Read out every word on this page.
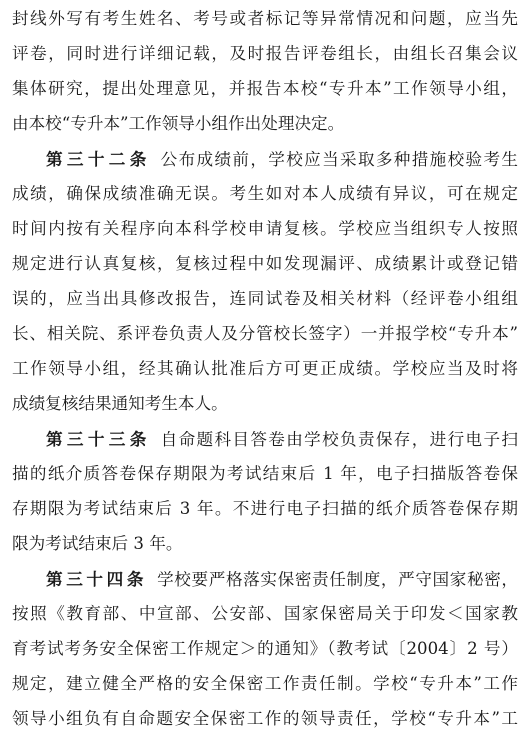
封线外写有考生姓名、考号或者标记等异常情况和问题，应当先
评卷，同时进行详细记载，及时报告评卷组长，由组长召集会议
集体研究，提出处理意见，并报告本校“专升本”工作领导小组，
由本校“专升本”工作领导小组作出处理决定。
第三十二条 公布成绩前，学校应当采取多种措施校验考生
成绩，确保成绩准确无误。考生如对本人成绩有异议，可在规定
时间内按有关程序向本科学校申请复核。学校应当组织专人按照
规定进行认真复核，复核过程中如发现漏评、成绩累计或登记错
误的，应当出具修改报告，连同试卷及相关材料（经评卷小组组
长、相关院、系评卷负责人及分管校长签字）一并报学校“专升本”
工作领导小组，经其确认批准后方可更正成绩。学校应当及时将
成绩复核结果通知考生本人。
第三十三条 自命题科目答卷由学校负责保存，进行电子扫
描的纸介质答卷保存期限为考试结束后 1 年，电子扫描版答卷保
存期限为考试结束后 3 年。不进行电子扫描的纸介质答卷保存期
限为考试结束后 3 年。
第三十四条 学校要严格落实保密责任制度，严守国家秘密，
按照《教育部、中宣部、公安部、国家保密局关于印发＜国家教
育考试考务安全保密工作规定＞的通知》（教考试〔2004〕2 号）
规定，建立健全严格的安全保密工作责任制。学校“专升本”工作
领导小组负有自命题安全保密工作的领导责任，学校“专升本”工
